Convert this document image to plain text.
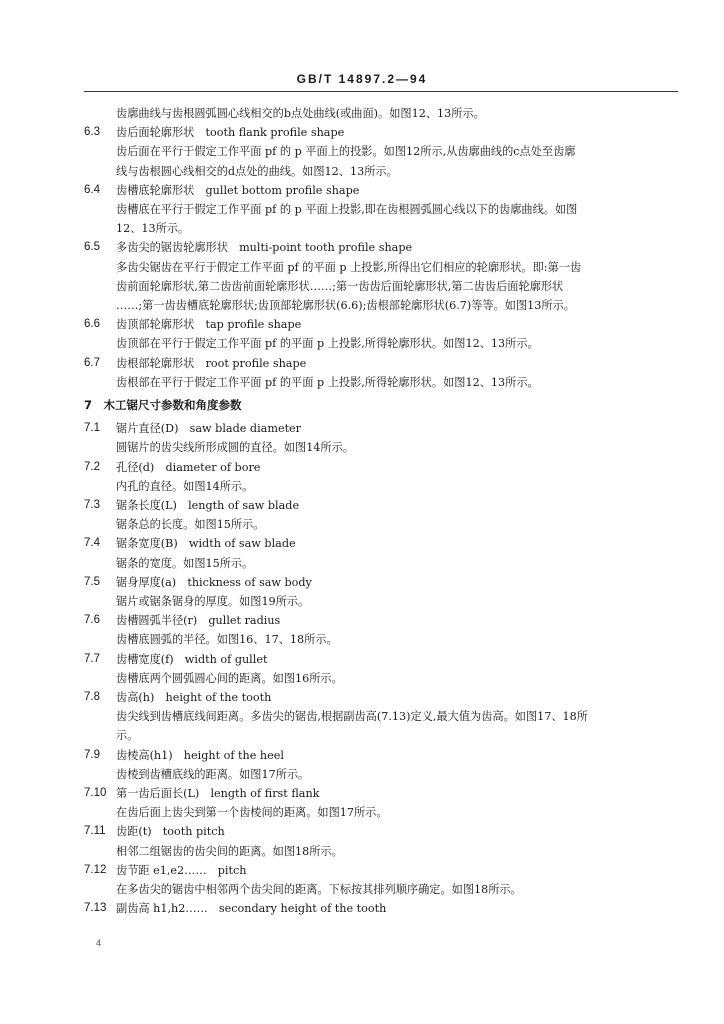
GB/T 14897.2—94
齿廓曲线与齿根圆弧圆心线相交的b点处曲线(或曲面)。如图12、13所示。
6.3 齿后面轮廓形状　tooth flank profile shape
齿后面在平行于假定工作平面 pf 的 p 平面上的投影。如图12所示,从齿廓曲线的c点处至齿廓
线与齿根圆心线相交的d点处的曲线。如图12、13所示。
6.4 齿槽底轮廓形状　gullet bottom profile shape
齿槽底在平行于假定工作平面 pf 的 p 平面上投影,即在齿根圆弧圆心线以下的齿廓曲线。如图
12、13所示。
6.5 多齿尖的锯齿轮廓形状　multi-point tooth profile shape
多齿尖锯齿在平行于假定工作平面 pf 的平面 p 上投影,所得出它们相应的轮廓形状。即:第一齿
齿前面轮廓形状,第二齿齿前面轮廓形状……;第一齿齿后面轮廓形状,第二齿齿后面轮廓形状
……;第一齿齿槽底轮廓形状;齿顶部轮廓形状(6.6);齿根部轮廓形状(6.7)等等。如图13所示。
6.6 齿顶部轮廓形状　tap profile shape
齿顶部在平行于假定工作平面 pf 的平面 p 上投影,所得轮廓形状。如图12、13所示。
6.7 齿根部轮廓形状　root profile shape
齿根部在平行于假定工作平面 pf 的平面 p 上投影,所得轮廓形状。如图12、13所示。
7　木工锯尺寸参数和角度参数
7.1 锯片直径(D)　saw blade diameter
圆锯片的齿尖线所形成圆的直径。如图14所示。
7.2 孔径(d)　diameter of bore
内孔的直径。如图14所示。
7.3 锯条长度(L)　length of saw blade
锯条总的长度。如图15所示。
7.4 锯条宽度(B)　width of saw blade
锯条的宽度。如图15所示。
7.5 锯身厚度(a)　thickness of saw body
锯片或锯条锯身的厚度。如图19所示。
7.6 齿槽圆弧半径(r)　gullet radius
齿槽底圆弧的半径。如图16、17、18所示。
7.7 齿槽宽度(f)　width of gullet
齿槽底两个圆弧圆心间的距离。如图16所示。
7.8 齿高(h)　height of the tooth
齿尖线到齿槽底线间距离。多齿尖的锯齿,根据副齿高(7.13)定义,最大值为齿高。如图17、18所
示。
7.9 齿棱高(h1)　height of the heel
齿棱到齿槽底线的距离。如图17所示。
7.10 第一齿后面长(L)　length of first flank
在齿后面上齿尖到第一个齿棱间的距离。如图17所示。
7.11 齿距(t)　tooth pitch
相邻二组锯齿的齿尖间的距离。如图18所示。
7.12 齿节距 e1,e2……　pitch
在多齿尖的锯齿中相邻两个齿尖间的距离。下标按其排列顺序确定。如图18所示。
7.13 副齿高 h1,h2……　secondary height of the tooth
4
